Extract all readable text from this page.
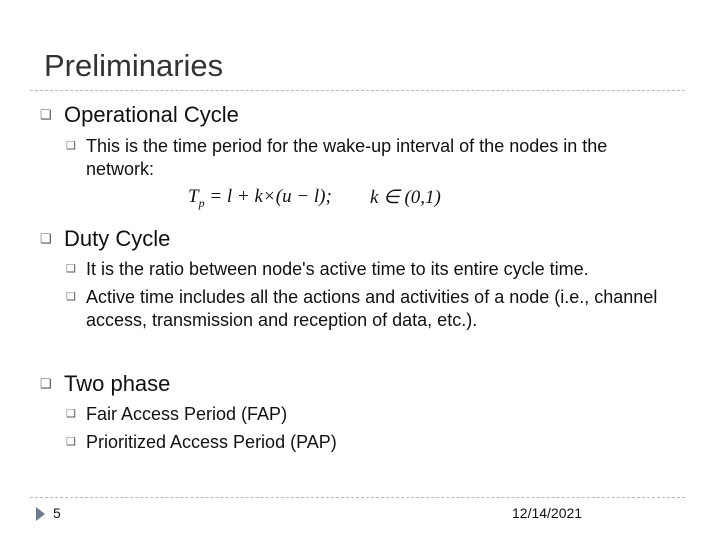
Preliminaries
❑ Operational Cycle
❑ This is the time period for the wake-up interval of the nodes in the network:
$T_p = l + k\times(u - l)$; k ∈ (0,1)
❑ Duty Cycle
❑ It is the ratio between node's active time to its entire cycle time.
❑ Active time includes all the actions and activities of a node (i.e., channel access, transmission and reception of data, etc.).
❑ Two phase
❑ Fair Access Period (FAP)
❑ Prioritized Access Period (PAP)
5	12/14/2021
